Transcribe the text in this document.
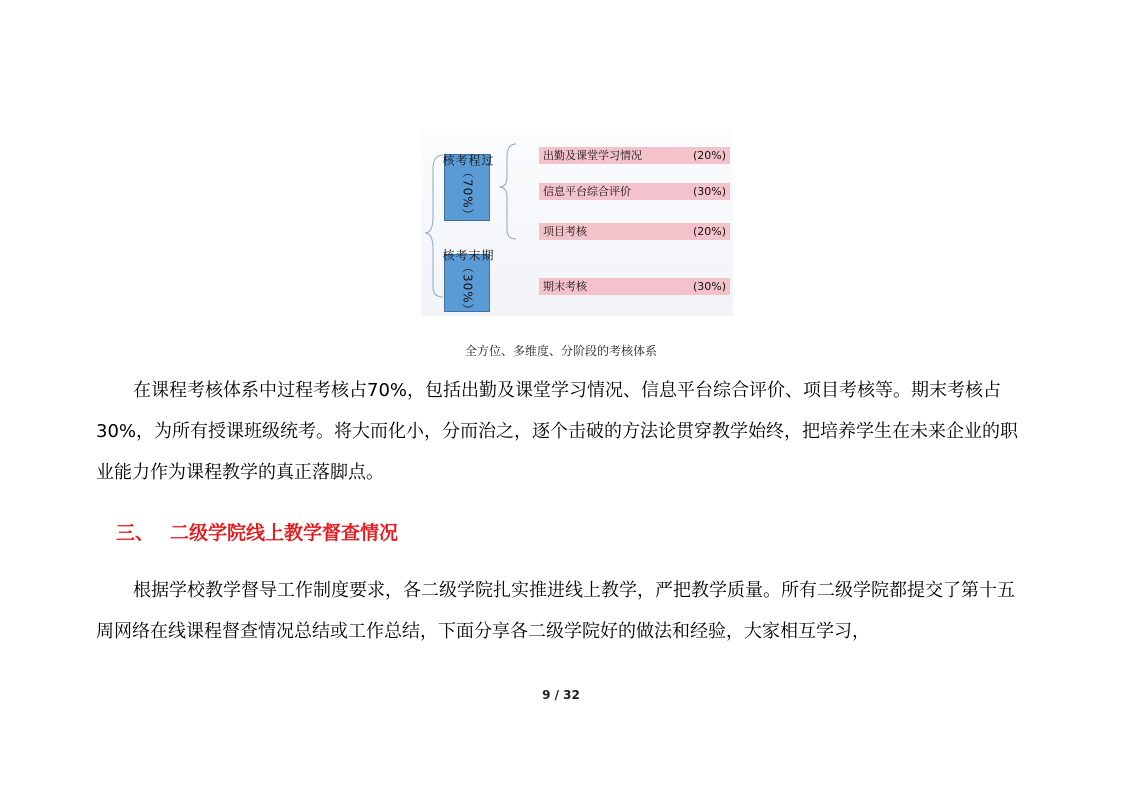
过程考核
（70%）
期末考核
（30%）
出勤及课堂学习情况	(20%)
信息平台综合评价	(30%)
项目考核	(20%)
期末考核	(30%)
全方位、多维度、分阶段的考核体系

在课程考核体系中过程考核占70%，包括出勤及课堂学习情况、信息平台综合评价、项目考核等。期末考核占30%，为所有授课班级统考。将大而化小，分而治之，逐个击破的方法论贯穿教学始终，把培养学生在未来企业的职业能力作为课程教学的真正落脚点。

三、 二级学院线上教学督查情况

根据学校教学督导工作制度要求，各二级学院扎实推进线上教学，严把教学质量。所有二级学院都提交了第十五周网络在线课程督查情况总结或工作总结，下面分享各二级学院好的做法和经验，大家相互学习，

9 / 32
